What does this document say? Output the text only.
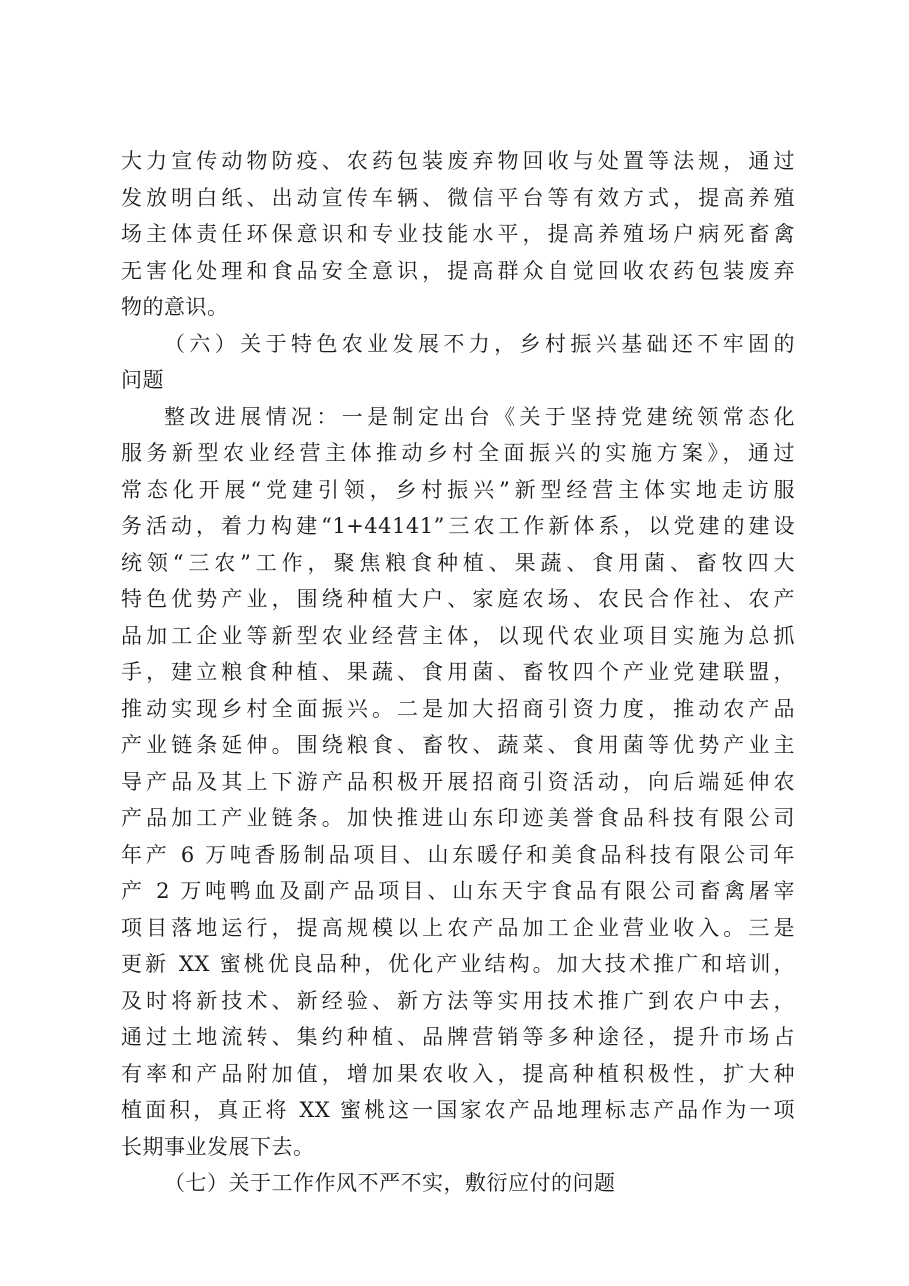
大力宣传动物防疫、农药包装废弃物回收与处置等法规，通过
发放明白纸、出动宣传车辆、微信平台等有效方式，提高养殖
场主体责任环保意识和专业技能水平，提高养殖场户病死畜禽
无害化处理和食品安全意识，提高群众自觉回收农药包装废弃
物的意识。
（六）关于特色农业发展不力，乡村振兴基础还不牢固的
问题
整改进展情况：一是制定出台《关于坚持党建统领常态化
服务新型农业经营主体推动乡村全面振兴的实施方案》，通过
常态化开展“党建引领，乡村振兴”新型经营主体实地走访服
务活动，着力构建“1+44141”三农工作新体系，以党建的建设
统领“三农”工作，聚焦粮食种植、果蔬、食用菌、畜牧四大
特色优势产业，围绕种植大户、家庭农场、农民合作社、农产
品加工企业等新型农业经营主体，以现代农业项目实施为总抓
手，建立粮食种植、果蔬、食用菌、畜牧四个产业党建联盟，
推动实现乡村全面振兴。二是加大招商引资力度，推动农产品
产业链条延伸。围绕粮食、畜牧、蔬菜、食用菌等优势产业主
导产品及其上下游产品积极开展招商引资活动，向后端延伸农
产品加工产业链条。加快推进山东印迹美誉食品科技有限公司
年产 6 万吨香肠制品项目、山东暖仔和美食品科技有限公司年
产 2 万吨鸭血及副产品项目、山东天宇食品有限公司畜禽屠宰
项目落地运行，提高规模以上农产品加工企业营业收入。三是
更新 XX 蜜桃优良品种，优化产业结构。加大技术推广和培训，
及时将新技术、新经验、新方法等实用技术推广到农户中去，
通过土地流转、集约种植、品牌营销等多种途径，提升市场占
有率和产品附加值，增加果农收入，提高种植积极性，扩大种
植面积，真正将 XX 蜜桃这一国家农产品地理标志产品作为一项
长期事业发展下去。
（七）关于工作作风不严不实，敷衍应付的问题
